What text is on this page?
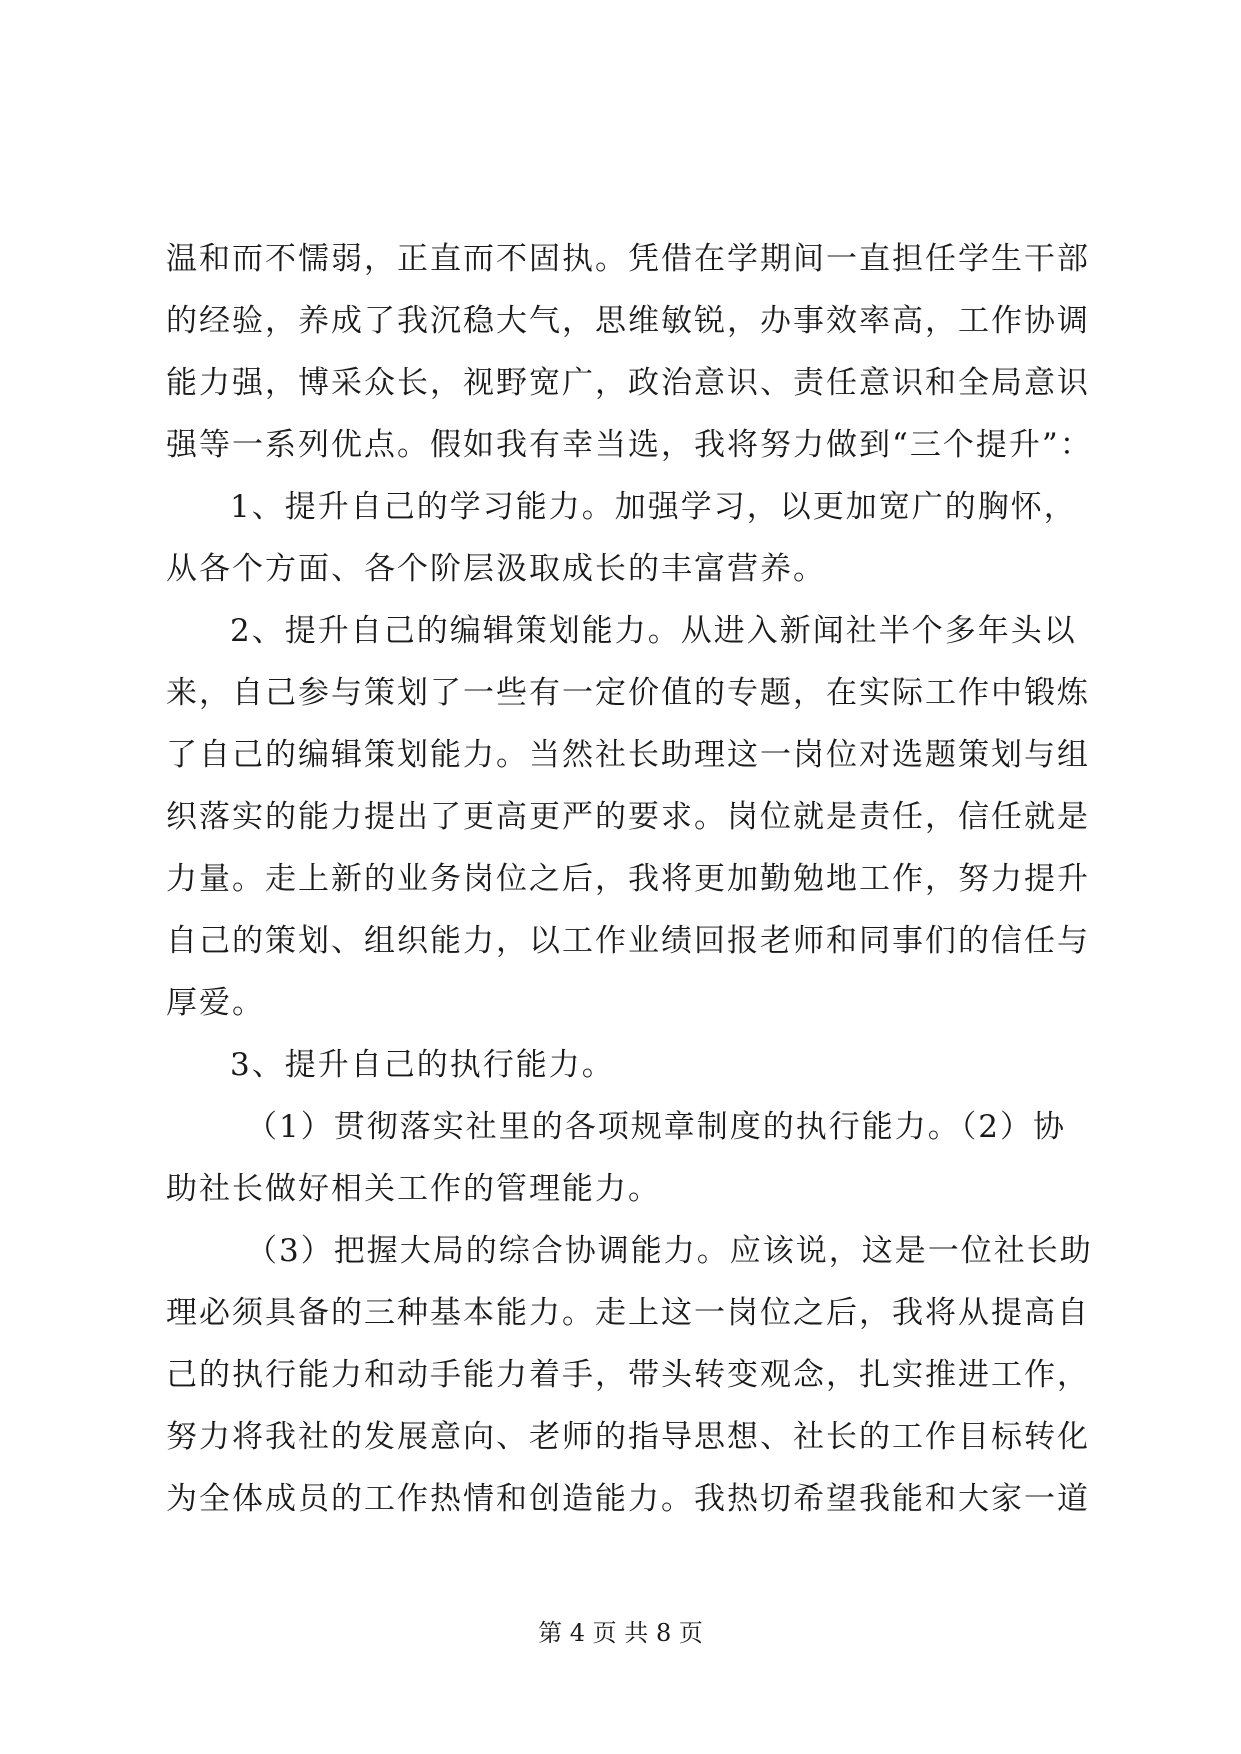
温和而不懦弱，正直而不固执。凭借在学期间一直担任学生干部
的经验，养成了我沉稳大气，思维敏锐，办事效率高，工作协调
能力强，博采众长，视野宽广，政治意识、责任意识和全局意识
强等一系列优点。假如我有幸当选，我将努力做到“三个提升”：
1、提升自己的学习能力。加强学习，以更加宽广的胸怀，
从各个方面、各个阶层汲取成长的丰富营养。
2、提升自己的编辑策划能力。从进入新闻社半个多年头以
来，自己参与策划了一些有一定价值的专题，在实际工作中锻炼
了自己的编辑策划能力。当然社长助理这一岗位对选题策划与组
织落实的能力提出了更高更严的要求。岗位就是责任，信任就是
力量。走上新的业务岗位之后，我将更加勤勉地工作，努力提升
自己的策划、组织能力，以工作业绩回报老师和同事们的信任与
厚爱。
3、提升自己的执行能力。
（1）贯彻落实社里的各项规章制度的执行能力。（2）协
助社长做好相关工作的管理能力。
（3）把握大局的综合协调能力。应该说，这是一位社长助
理必须具备的三种基本能力。走上这一岗位之后，我将从提高自
己的执行能力和动手能力着手，带头转变观念，扎实推进工作，
努力将我社的发展意向、老师的指导思想、社长的工作目标转化
为全体成员的工作热情和创造能力。我热切希望我能和大家一道
第 4 页 共 8 页
